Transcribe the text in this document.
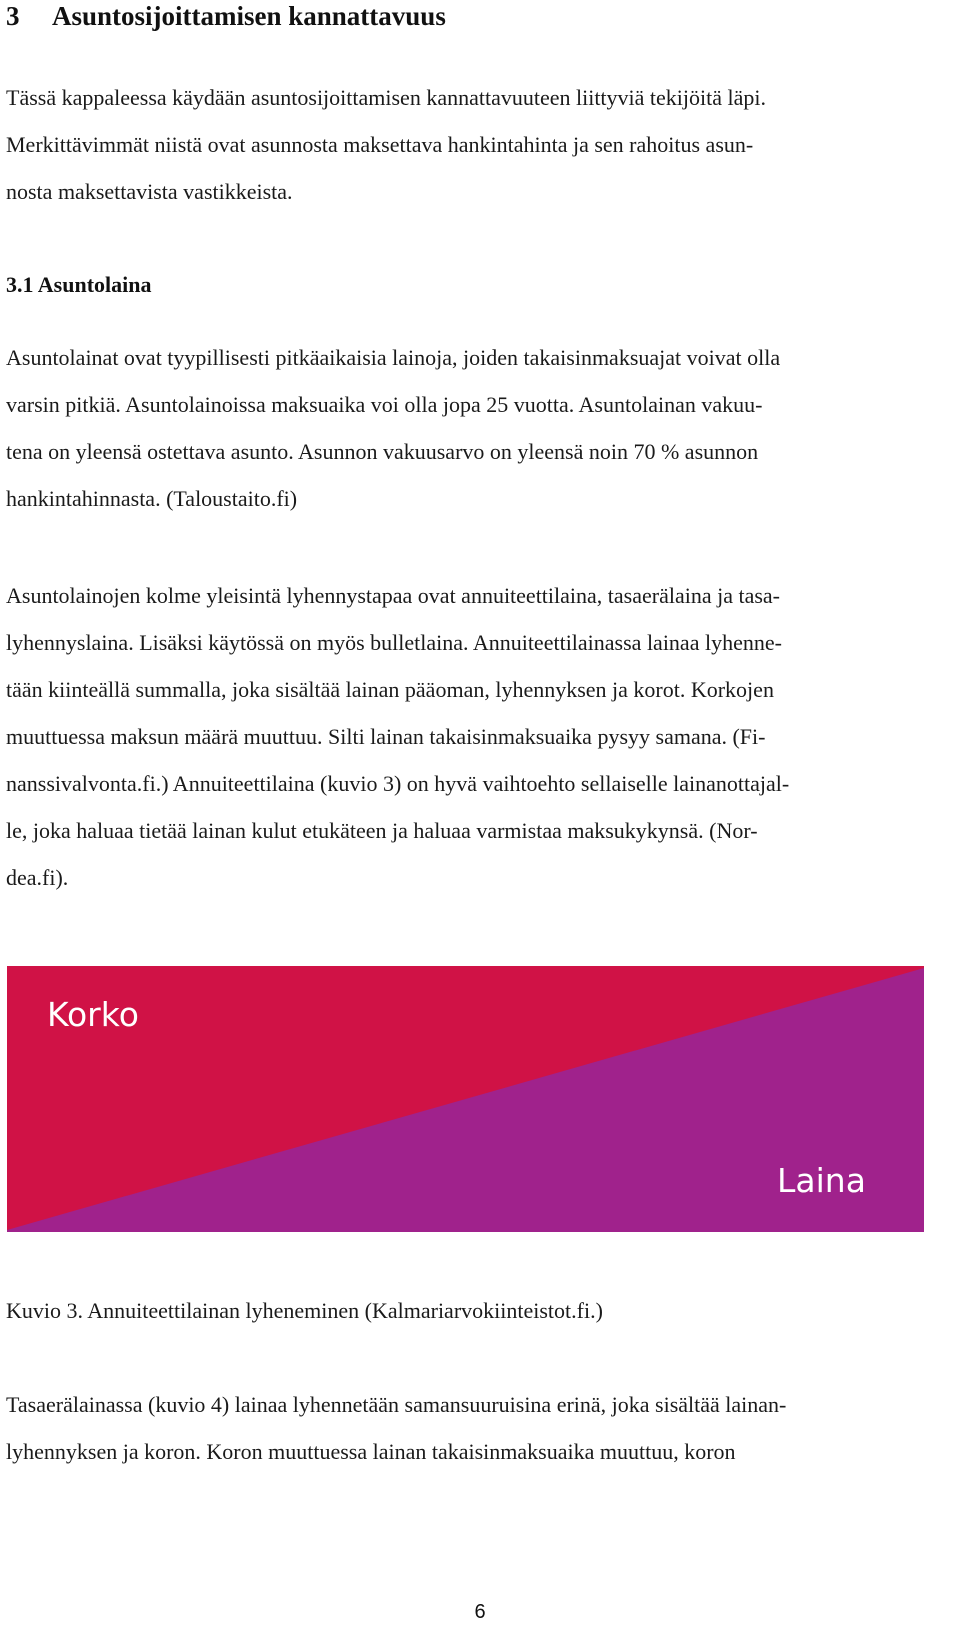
3 Asuntosijoittamisen kannattavuus

Tässä kappaleessa käydään asuntosijoittamisen kannattavuuteen liittyviä tekijöitä läpi.
Merkittävimmät niistä ovat asunnosta maksettava hankintahinta ja sen rahoitus asun-
nosta maksettavista vastikkeista.

3.1 Asuntolaina

Asuntolainat ovat tyypillisesti pitkäaikaisia lainoja, joiden takaisinmaksuajat voivat olla
varsin pitkiä. Asuntolainoissa maksuaika voi olla jopa 25 vuotta. Asuntolainan vakuu-
tena on yleensä ostettava asunto. Asunnon vakuusarvo on yleensä noin 70 % asunnon
hankintahinnasta. (Taloustaito.fi)

Asuntolainojen kolme yleisintä lyhennystapaa ovat annuiteettilaina, tasaerälaina ja tasa-
lyhennyslaina. Lisäksi käytössä on myös bulletlaina. Annuiteettilainassa lainaa lyhenne-
tään kiinteällä summalla, joka sisältää lainan pääoman, lyhennyksen ja korot. Korkojen
muuttuessa maksun määrä muuttuu. Silti lainan takaisinmaksuaika pysyy samana. (Fi-
nanssivalvonta.fi.) Annuiteettilaina (kuvio 3) on hyvä vaihtoehto sellaiselle lainanottajal-
le, joka haluaa tietää lainan kulut etukäteen ja haluaa varmistaa maksukykynsä. (Nor-
dea.fi).

Korko
Laina

Kuvio 3. Annuiteettilainan lyheneminen (Kalmariarvokiinteistot.fi.)

Tasaerälainassa (kuvio 4) lainaa lyhennetään samansuuruisina erinä, joka sisältää lainan-
lyhennyksen ja koron. Koron muuttuessa lainan takaisinmaksuaika muuttuu, koron

6
